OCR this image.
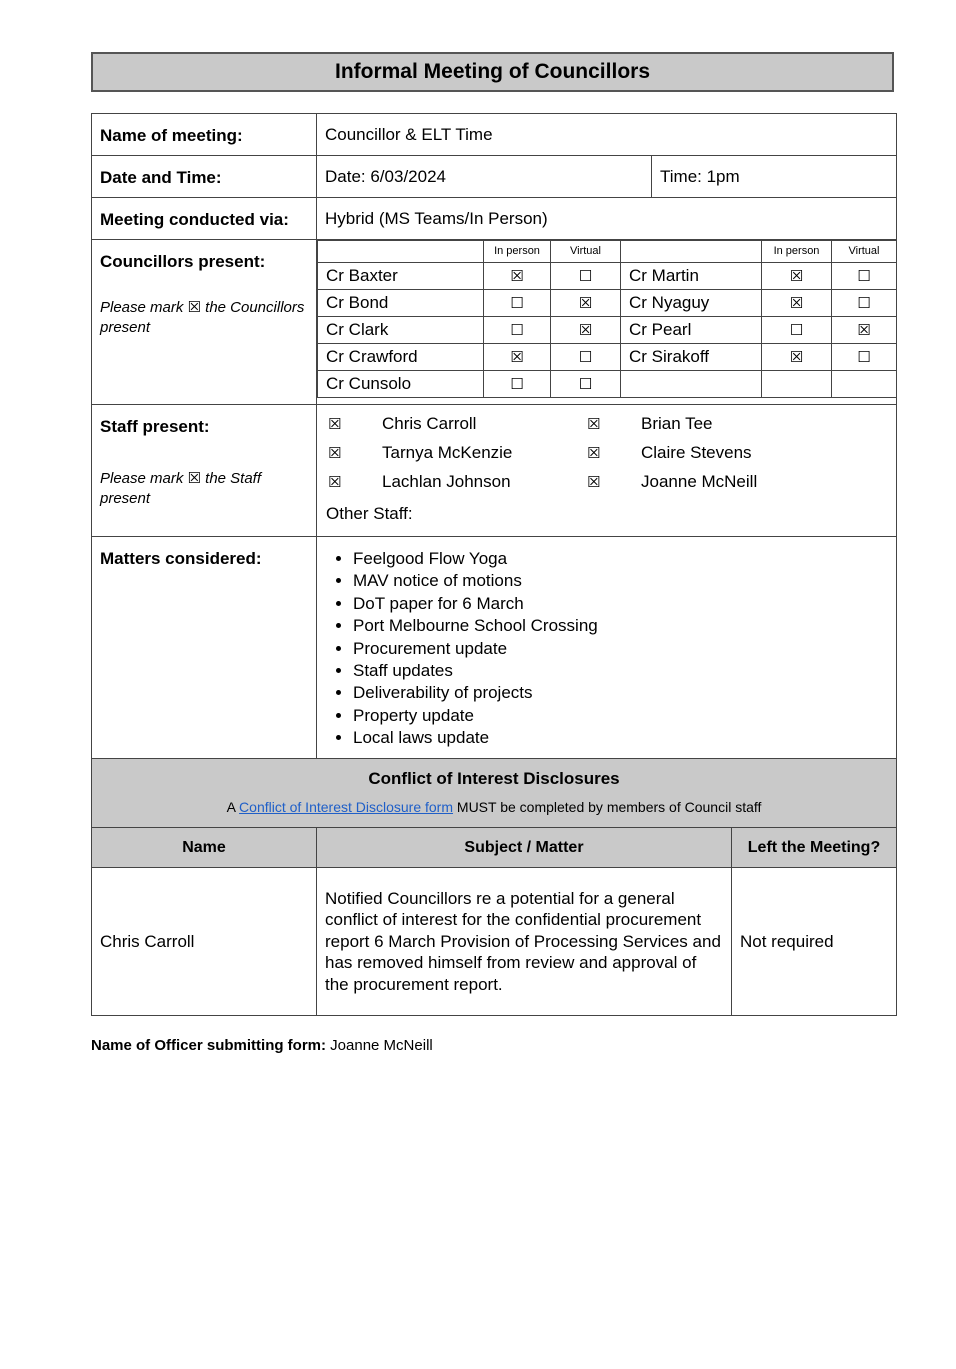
Informal Meeting of Councillors
Name of meeting:	Councillor & ELT Time
Date and Time:	Date: 6/03/2024	Time: 1pm
Meeting conducted via:	Hybrid (MS Teams/In Person)

Councillors present:
Please mark ☒ the Councillors present

	In person	Virtual		In person	Virtual
Cr Baxter	☒	☐	Cr Martin	☒	☐
Cr Bond	☐	☒	Cr Nyaguy	☒	☐
Cr Clark	☐	☒	Cr Pearl	☐	☒
Cr Crawford	☒	☐	Cr Sirakoff	☒	☐
Cr Cunsolo	☐	☐			

Staff present:
Please mark ☒ the Staff present

☒	Chris Carroll	☒	Brian Tee
☒	Tarnya McKenzie	☒	Claire Stevens
☒	Lachlan Johnson	☒	Joanne McNeill
Other Staff:

Matters considered:	
•Feelgood Flow Yoga
• MAV notice of motions
• DoT paper for 6 March
• Port Melbourne School Crossing
• Procurement update
• Staff updates
• Deliverability of projects
• Property update
• Local laws update

Conflict of Interest Disclosures
A Conflict of Interest Disclosure form MUST be completed by members of Council staff

Name	Subject / Matter	Left the Meeting?
Chris Carroll	Notified Councillors re a potential for a general conflict of interest for the confidential procurement report 6 March Provision of Processing Services and has removed himself from review and approval of the procurement report.	Not required
Name of Officer submitting form: Joanne McNeill
